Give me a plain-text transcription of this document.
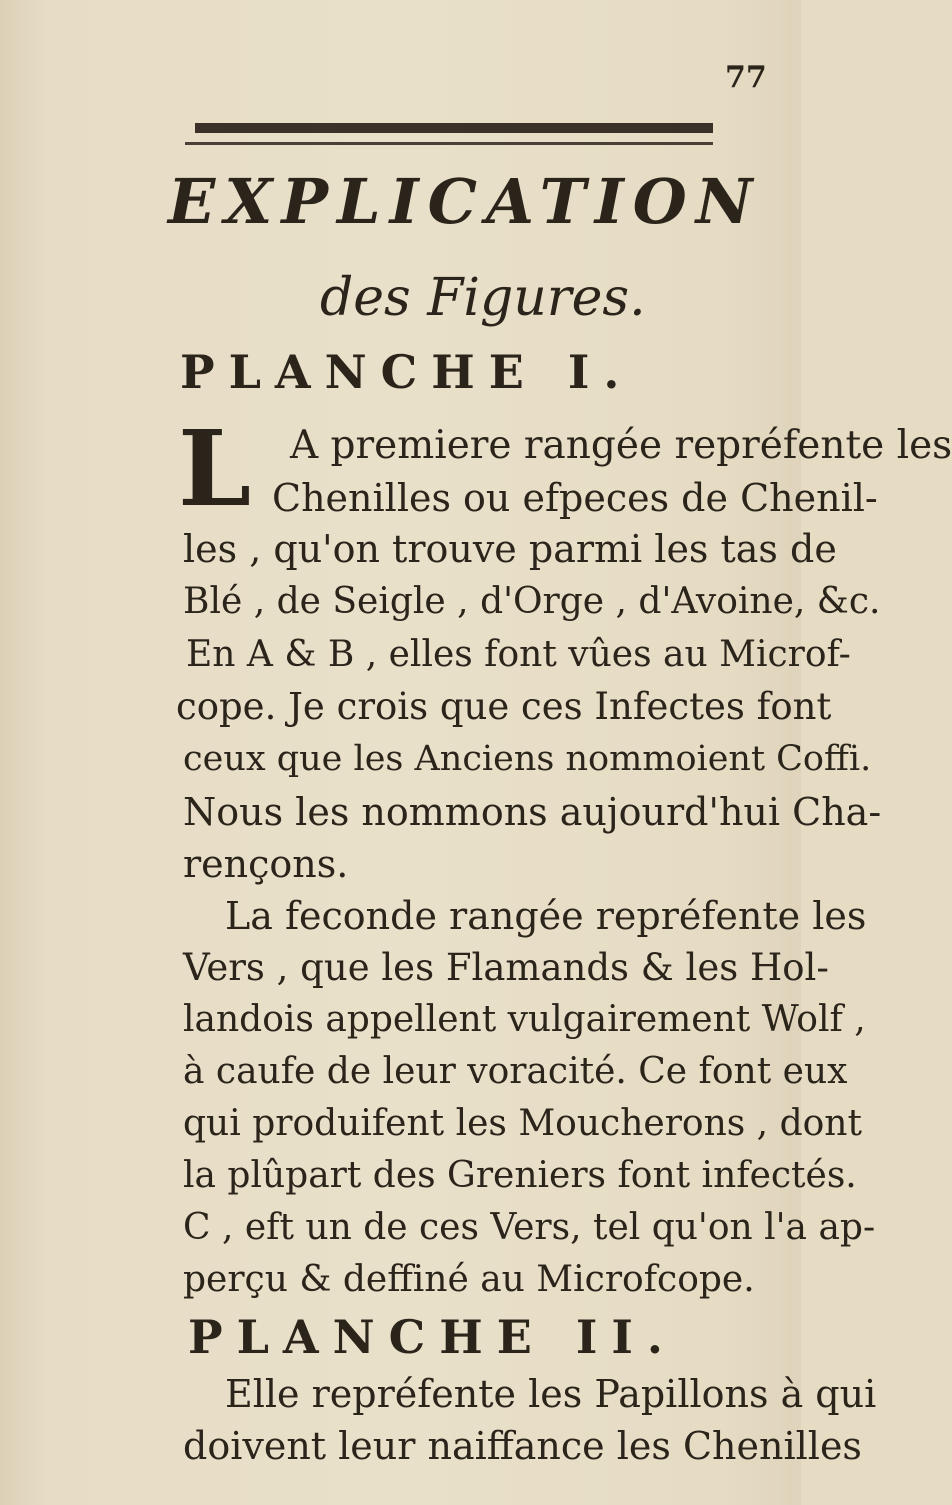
77
EXPLICATION
des Figures.
PLANCHE I.
L A premiere rangée repréfente les
Chenilles ou efpeces de Chenil-
les , qu'on trouve parmi les tas de
Blé , de Seigle , d'Orge , d'Avoine, &c.
En A & B , elles font vûes au Microf-
cope. Je crois que ces Infectes font
ceux que les Anciens nommoient Coffi.
Nous les nommons aujourd'hui Cha-
rençons.
La feconde rangée repréfente les
Vers , que les Flamands & les Hol-
landois appellent vulgairement Wolf ,
à caufe de leur voracité. Ce font eux
qui produifent les Moucherons , dont
la plûpart des Greniers font infectés.
C , eft un de ces Vers, tel qu'on l'a ap-
perçu & deffiné au Microfcope.
PLANCHE II.
Elle repréfente les Papillons à qui
doivent leur naiffance les Chenilles
